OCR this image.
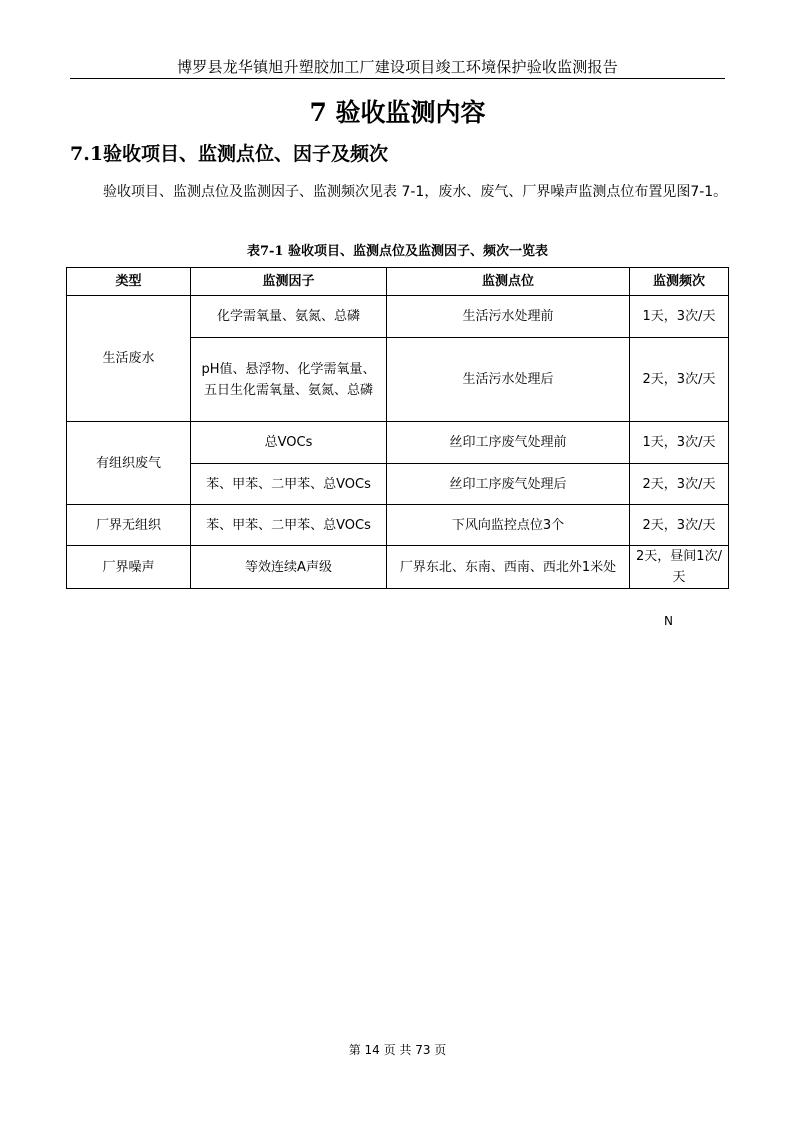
博罗县龙华镇旭升塑胶加工厂建设项目竣工环境保护验收监测报告
7 验收监测内容
7.1验收项目、监测点位、因子及频次
验收项目、监测点位及监测因子、监测频次见表 7-1，废水、废气、厂界噪声监测点位布置见图7-1。
表7-1 验收项目、监测点位及监测因子、频次一览表
类型	监测因子	监测点位	监测频次
生活废水	化学需氧量、氨氮、总磷	生活污水处理前	1天，3次/天
	pH值、悬浮物、化学需氧量、五日生化需氧量、氨氮、总磷	生活污水处理后	2天，3次/天
有组织废气	总VOCs	丝印工序废气处理前	1天，3次/天
	苯、甲苯、二甲苯、总VOCs	丝印工序废气处理后	2天，3次/天
厂界无组织	苯、甲苯、二甲苯、总VOCs	下风向监控点位3个	2天，3次/天
厂界噪声	等效连续A声级	厂界东北、东南、西南、西北外1米处	2天，昼间1次/天
N
第 14 页 共 73 页
